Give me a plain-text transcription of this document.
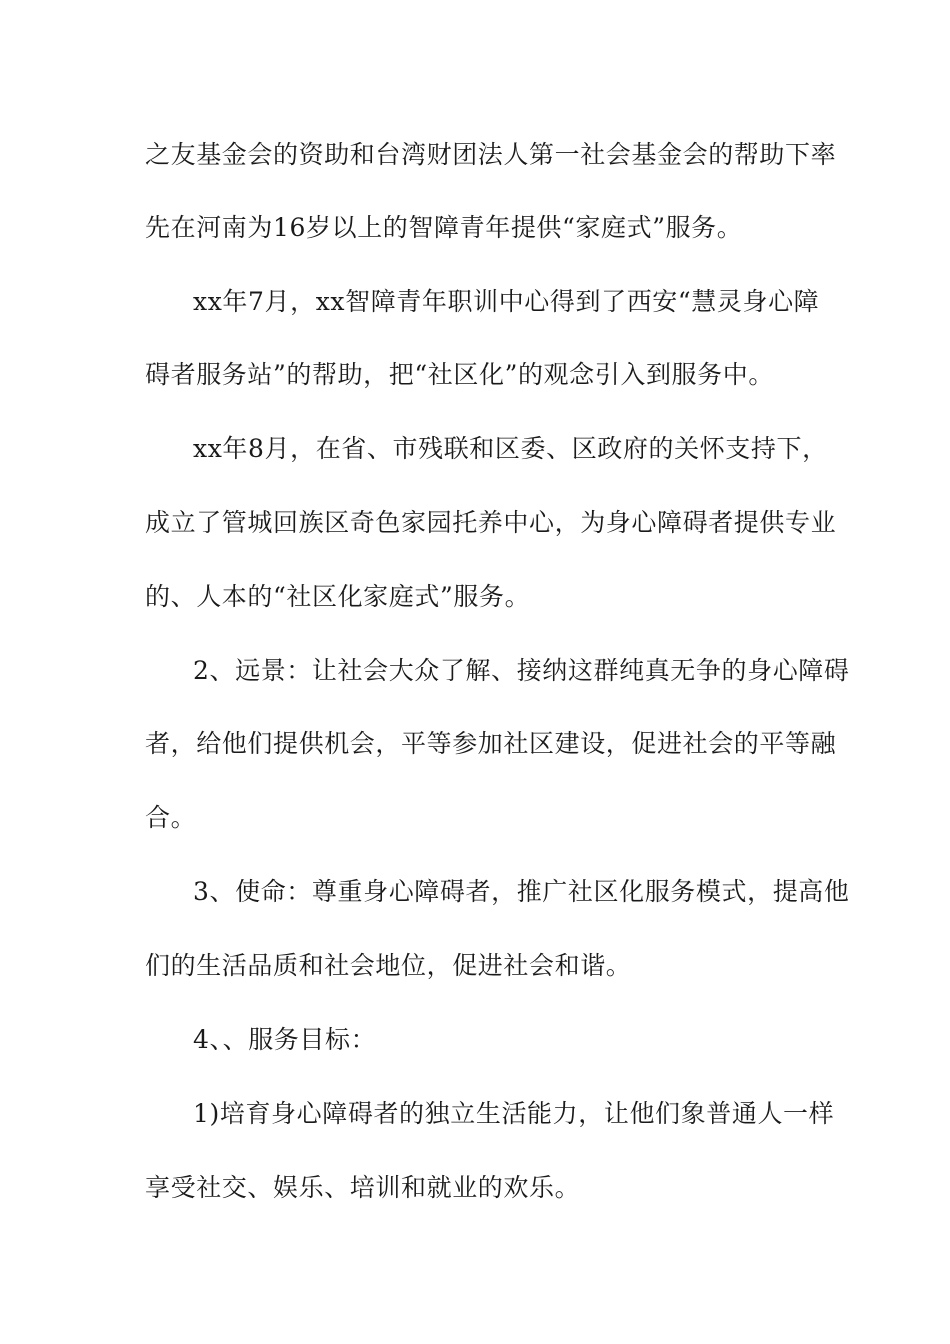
之友基金会的资助和台湾财团法人第一社会基金会的帮助下率

先在河南为16岁以上的智障青年提供“家庭式”服务。

xx年7月，xx智障青年职训中心得到了西安“慧灵身心障

碍者服务站”的帮助，把“社区化”的观念引入到服务中。

xx年8月，在省、市残联和区委、区政府的关怀支持下，

成立了管城回族区奇色家园托养中心，为身心障碍者提供专业

的、人本的“社区化家庭式”服务。

2、远景：让社会大众了解、接纳这群纯真无争的身心障碍

者，给他们提供机会，平等参加社区建设，促进社会的平等融

合。

3、使命：尊重身心障碍者，推广社区化服务模式，提高他

们的生活品质和社会地位，促进社会和谐。

4、、服务目标：

1)培育身心障碍者的独立生活能力，让他们象普通人一样

享受社交、娱乐、培训和就业的欢乐。
